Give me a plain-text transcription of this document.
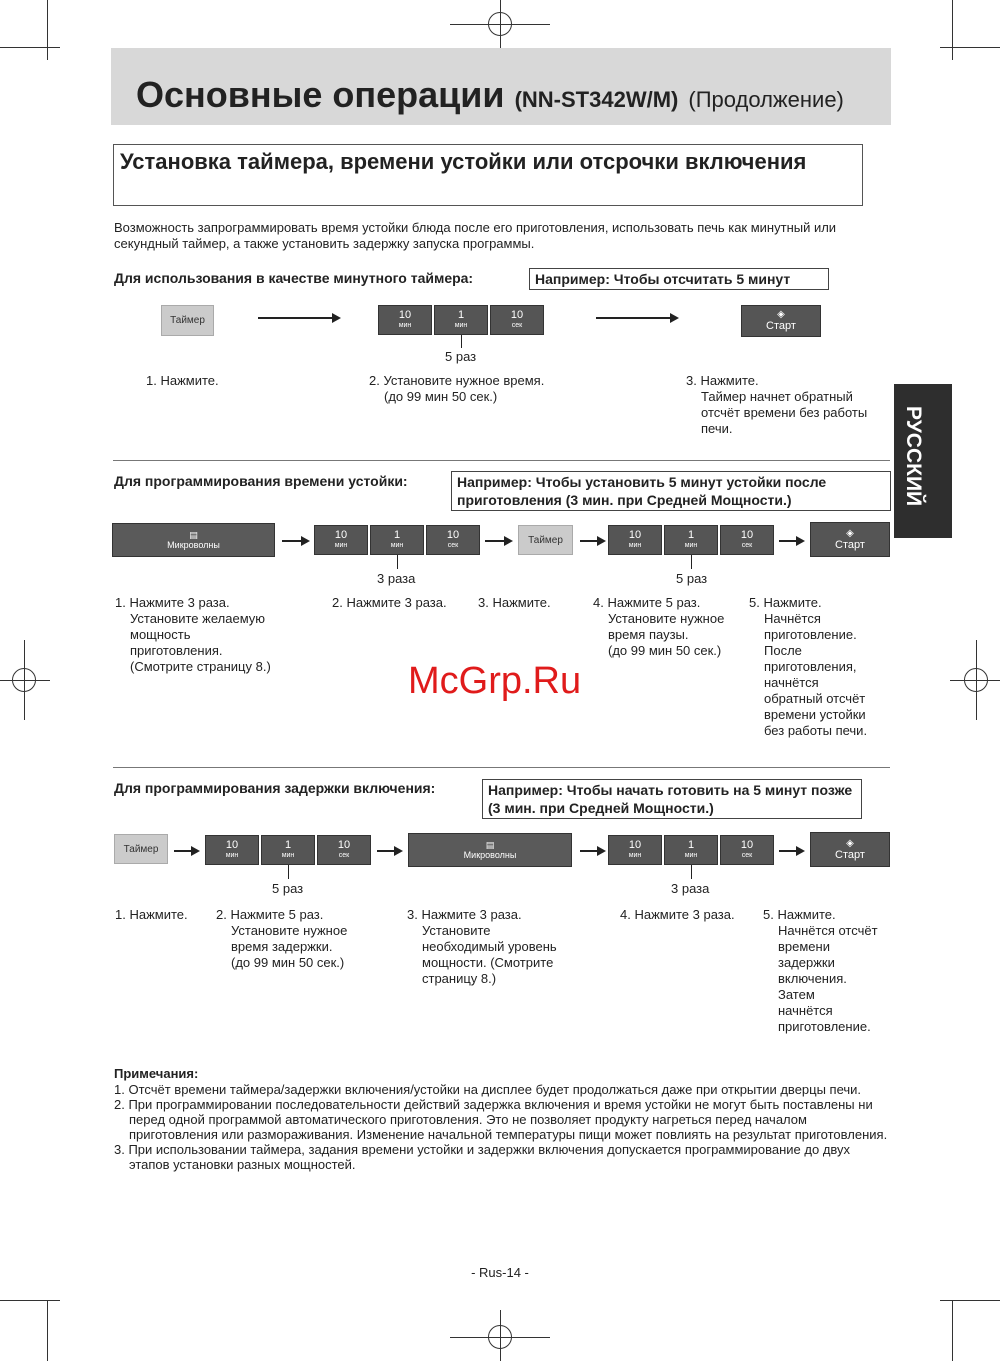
Основные операции (NN-ST342W/M) (Продолжение)
Установка таймера, времени устойки или отсрочки включения
Возможность запрограммировать время устойки блюда после его приготовления, использовать печь как минутный или секундный таймер, а также установить задержку запуска программы.
РУССКИЙ
Для использования в качестве минутного таймера:	Например: Чтобы отсчитать 5 минут
Таймер	10
мин
1
мин
10
сек
5 раз
◈
Старт
1. Нажмите.	2. Установите нужное время.
(до 99 мин 50 сек.)
3. Нажмите.
Таймер начнет обратный
отсчёт времени без работы
печи.
Для программирования времени устойки:	Например: Чтобы установить 5 минут устойки после приготовления (3 мин. при Средней Мощности.)
▤
Микроволны
10
мин
1
мин
10
сек
3 раза
Таймер	10
мин
1
мин
10
сек
5 раз
◈
Старт
1. Нажмите 3 раза.
Установите желаемую
мощность
приготовления.
(Смотрите страницу 8.)
2. Нажмите 3 раза.	3. Нажмите.	4. Нажмите 5 раз.
Установите нужное
время паузы.
(до 99 мин 50 сек.)
5. Нажмите.
Начнётся
приготовление.
После
приготовления,
начнётся
обратный отсчёт
времени устойки
без работы печи.
Для программирования задержки включения:	Например: Чтобы начать готовить на 5 минут позже (3 мин. при Средней Мощности.)
Таймер	10
мин
1
мин
10
сек
5 раз
▤
Микроволны
10
мин
1
мин
10
сек
3 раза
◈
Старт
1. Нажмите.	2. Нажмите 5 раз.
Установите нужное
время задержки.
(до 99 мин 50 сек.)
3. Нажмите 3 раза.
Установите
необходимый уровень
мощности. (Смотрите
страницу 8.)
4. Нажмите 3 раза.	5. Нажмите.
Начнётся отсчёт
времени
задержки
включения.
Затем
начнётся
приготовление.
Примечания:
1. Отсчёт времени таймера/задержки включения/устойки на дисплее будет продолжаться даже при открытии дверцы печи.
2. При программировании последовательности действий задержка включения и время устойки не могут быть поставлены ни перед одной программой автоматического приготовления. Это не позволяет продукту нагреться перед началом приготовления или размораживания. Изменение начальной температуры пищи может повлиять на результат приготовления.
3. При использовании таймера, задания времени устойки и задержки включения допускается программирование до двух этапов установки разных мощностей.
McGrp.Ru
- Rus-14 -
